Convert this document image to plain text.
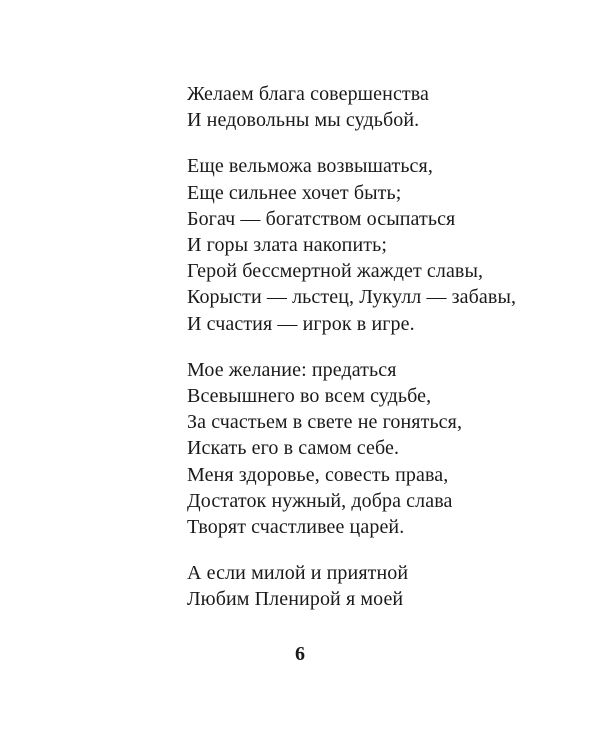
Желаем блага совершенства
И недовольны мы судьбой.
Еще вельможа возвышаться,
Еще сильнее хочет быть;
Богач — богатством осыпаться
И горы злата накопить;
Герой бессмертной жаждет славы,
Корысти — льстец, Лукулл — забавы,
И счастия — игрок в игре.
Мое желание: предаться
Всевышнего во всем судьбе,
За счастьем в свете не гоняться,
Искать его в самом себе.
Меня здоровье, совесть права,
Достаток нужный, добра слава
Творят счастливее царей.
А если милой и приятной
Любим Пленирой я моей
6
